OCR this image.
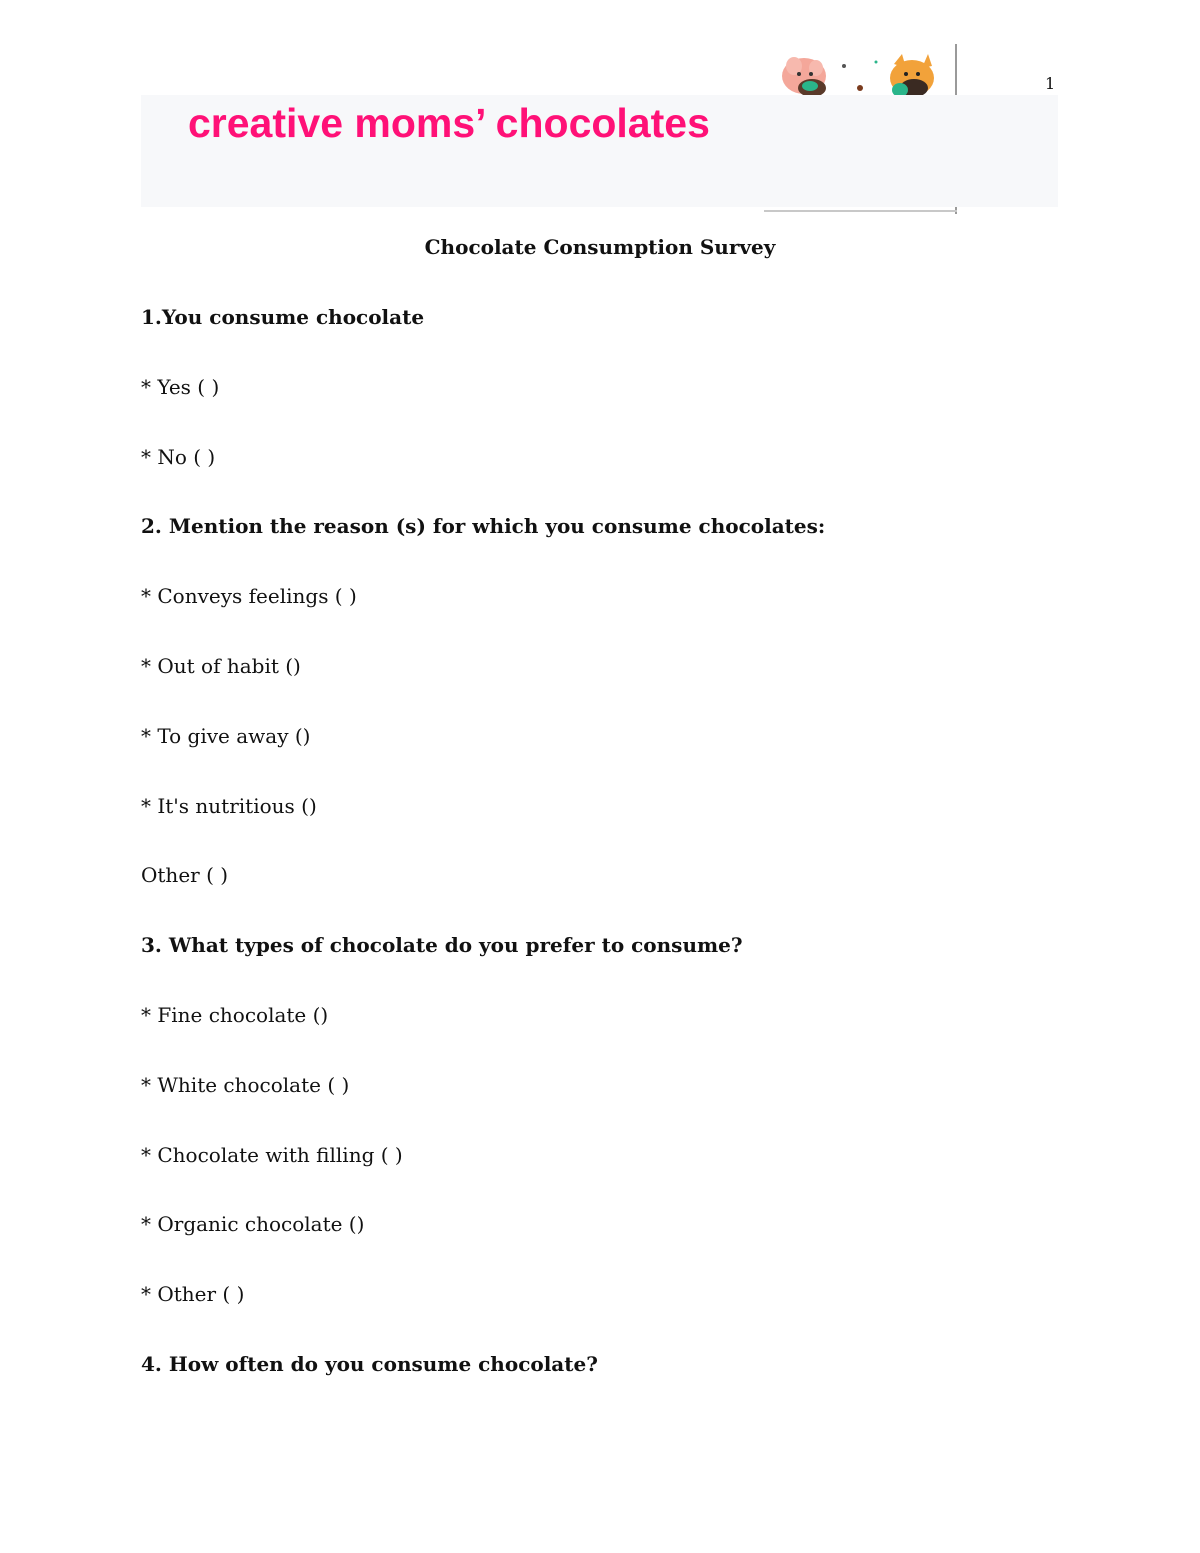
1
creative moms’ chocolates
Chocolate Consumption Survey
1.You consume chocolate
* Yes ( )
* No ( )
2. Mention the reason (s) for which you consume chocolates:
* Conveys feelings ( )
* Out of habit ()
* To give away ()
* It's nutritious ()
Other ( )
3. What types of chocolate do you prefer to consume?
* Fine chocolate ()
* White chocolate ( )
* Chocolate with filling ( )
* Organic chocolate ()
* Other ( )
4. How often do you consume chocolate?
